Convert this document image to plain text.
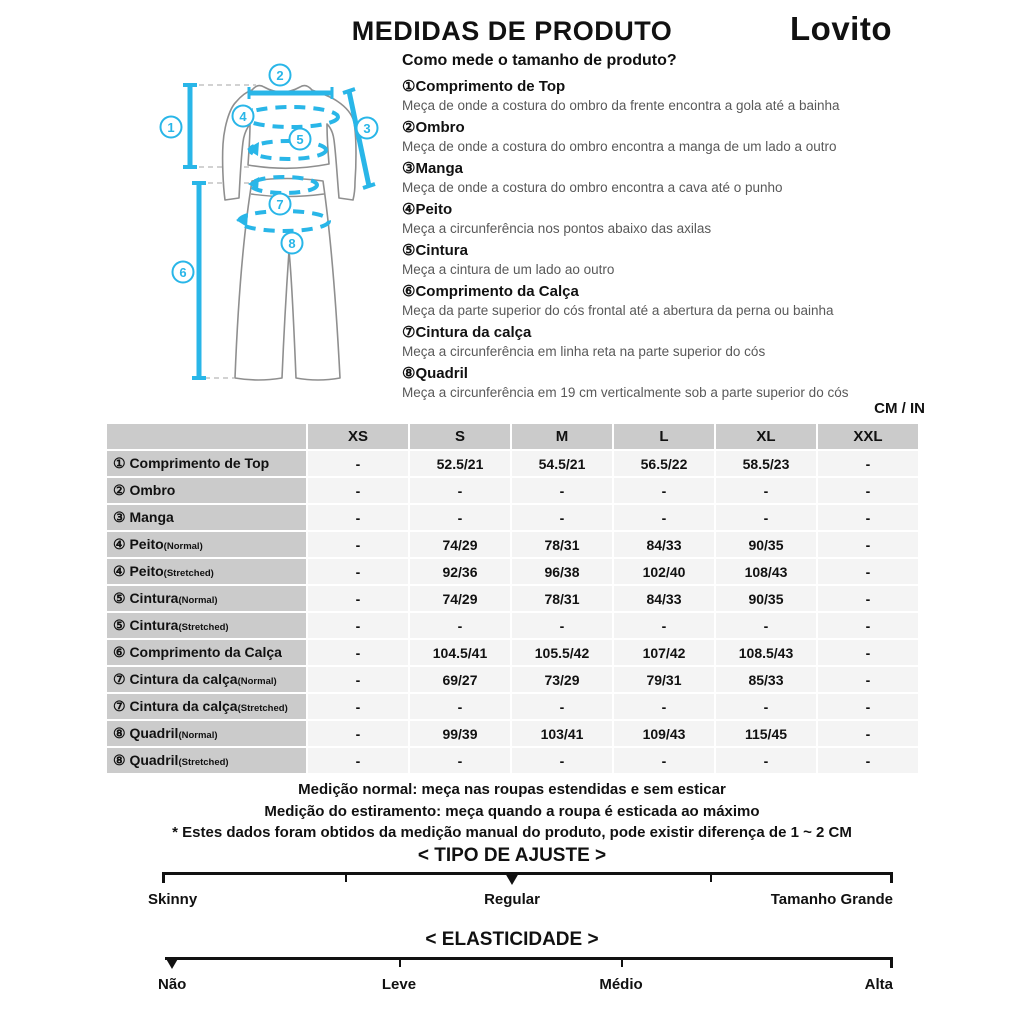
MEDIDAS DE PRODUTO	Lovito
Como mede o tamanho de produto?
1
2
3
4
5
6
7
8
①Comprimento de Top
Meça de onde a costura do ombro da frente encontra a gola até a bainha
②Ombro
Meça de onde a costura do ombro encontra a manga de um lado a outro
③Manga
Meça de onde a costura do ombro encontra a cava até o punho
④Peito
Meça a circunferência nos pontos abaixo das axilas
⑤Cintura
Meça a cintura de um lado ao outro
⑥Comprimento da Calça
Meça da parte superior do cós frontal até a abertura da perna ou bainha
⑦Cintura da calça
Meça a circunferência em linha reta na parte superior do cós
⑧Quadril
Meça a circunferência em 19 cm verticalmente sob a parte superior do cós
CM / IN
	XS	S	M	L	XL	XXL
① Comprimento de Top	-	52.5/21	54.5/21	56.5/22	58.5/23	-
② Ombro	-	-	-	-	-	-
③ Manga	-	-	-	-	-	-
④ Peito(Normal)	-	74/29	78/31	84/33	90/35	-
④ Peito(Stretched)	-	92/36	96/38	102/40	108/43	-
⑤ Cintura(Normal)	-	74/29	78/31	84/33	90/35	-
⑤ Cintura(Stretched)	-	-	-	-	-	-
⑥ Comprimento da Calça	-	104.5/41	105.5/42	107/42	108.5/43	-
⑦ Cintura da calça(Normal)	-	69/27	73/29	79/31	85/33	-
⑦ Cintura da calça(Stretched)	-	-	-	-	-	-
⑧ Quadril(Normal)	-	99/39	103/41	109/43	115/45	-
⑧ Quadril(Stretched)	-	-	-	-	-	-
Medição normal: meça nas roupas estendidas e sem esticar
Medição do estiramento: meça quando a roupa é esticada ao máximo
* Estes dados foram obtidos da medição manual do produto, pode existir diferença de 1 ~ 2 CM
< TIPO DE AJUSTE >
Skinny	Regular	Tamanho Grande
< ELASTICIDADE >
Não	Leve	Médio	Alta
